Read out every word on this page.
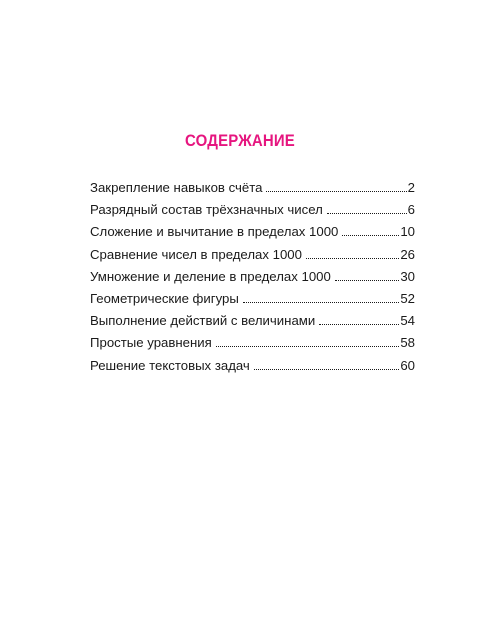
СОДЕРЖАНИЕ
Закрепление навыков счёта	2
Разрядный состав трёхзначных чисел	6
Сложение и вычитание в пределах 1000	10
Сравнение чисел в пределах 1000	26
Умножение и деление в пределах 1000	30
Геометрические фигуры	52
Выполнение действий с величинами	54
Простые уравнения	58
Решение текстовых задач	60
